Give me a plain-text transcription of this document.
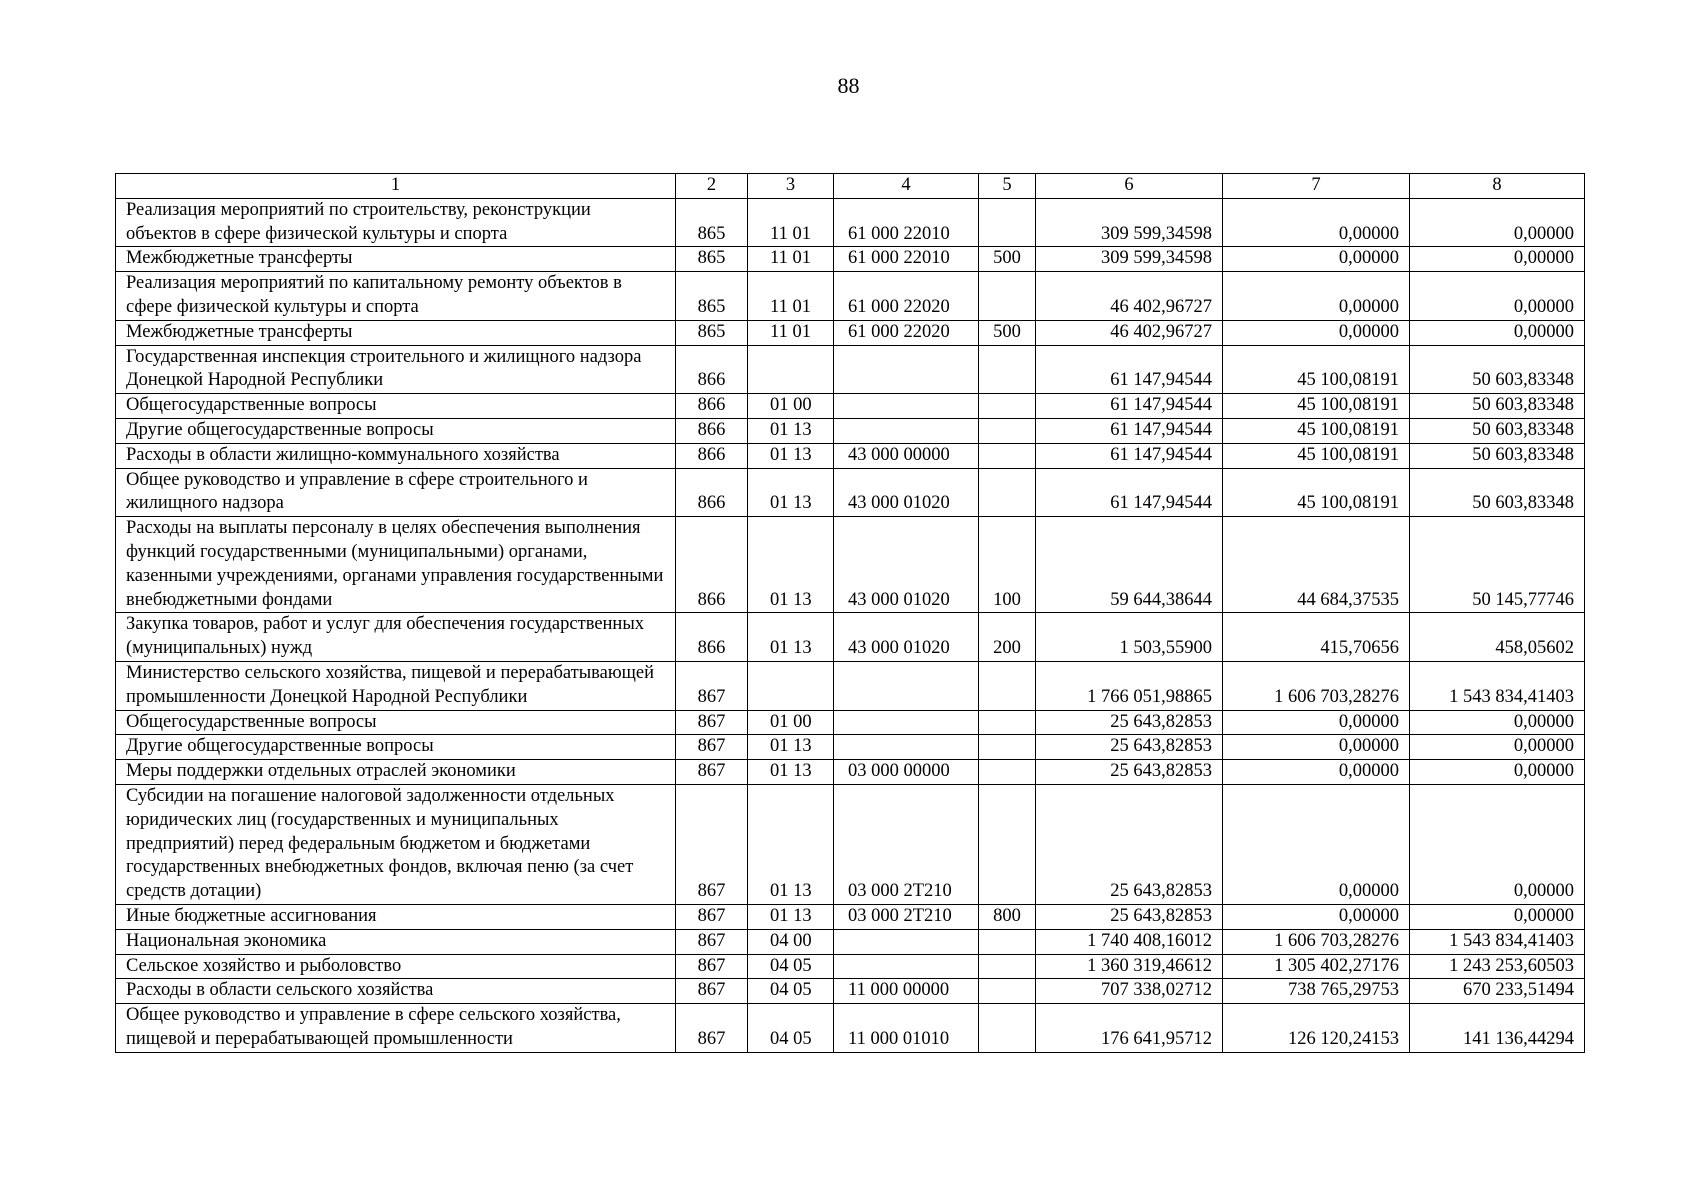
88
1	2	3	4	5	6	7	8
Реализация мероприятий по строительству, реконструкции объектов в сфере физической культуры и спорта	865	11 01	61 000 22010		309 599,34598	0,00000	0,00000
Межбюджетные трансферты	865	11 01	61 000 22010	500	309 599,34598	0,00000	0,00000
Реализация мероприятий по капитальному ремонту объектов в сфере физической культуры и спорта	865	11 01	61 000 22020		46 402,96727	0,00000	0,00000
Межбюджетные трансферты	865	11 01	61 000 22020	500	46 402,96727	0,00000	0,00000
Государственная инспекция строительного и жилищного надзора Донецкой Народной Республики	866				61 147,94544	45 100,08191	50 603,83348
Общегосударственные вопросы	866	01 00			61 147,94544	45 100,08191	50 603,83348
Другие общегосударственные вопросы	866	01 13			61 147,94544	45 100,08191	50 603,83348
Расходы в области жилищно-коммунального хозяйства	866	01 13	43 000 00000		61 147,94544	45 100,08191	50 603,83348
Общее руководство и управление в сфере строительного и жилищного надзора	866	01 13	43 000 01020		61 147,94544	45 100,08191	50 603,83348
Расходы на выплаты персоналу в целях обеспечения выполнения функций государственными (муниципальными) органами, казенными учреждениями, органами управления государственными внебюджетными фондами	866	01 13	43 000 01020	100	59 644,38644	44 684,37535	50 145,77746
Закупка товаров, работ и услуг для обеспечения государственных (муниципальных) нужд	866	01 13	43 000 01020	200	1 503,55900	415,70656	458,05602
Министерство сельского хозяйства, пищевой и перерабатывающей промышленности Донецкой Народной Республики	867				1 766 051,98865	1 606 703,28276	1 543 834,41403
Общегосударственные вопросы	867	01 00			25 643,82853	0,00000	0,00000
Другие общегосударственные вопросы	867	01 13			25 643,82853	0,00000	0,00000
Меры поддержки отдельных отраслей экономики	867	01 13	03 000 00000		25 643,82853	0,00000	0,00000
Субсидии на погашение налоговой задолженности отдельных юридических лиц (государственных и муниципальных предприятий) перед федеральным бюджетом и бюджетами государственных внебюджетных фондов, включая пеню (за счет средств дотации)	867	01 13	03 000 2Т210		25 643,82853	0,00000	0,00000
Иные бюджетные ассигнования	867	01 13	03 000 2Т210	800	25 643,82853	0,00000	0,00000
Национальная экономика	867	04 00			1 740 408,16012	1 606 703,28276	1 543 834,41403
Сельское хозяйство и рыболовство	867	04 05			1 360 319,46612	1 305 402,27176	1 243 253,60503
Расходы в области сельского хозяйства	867	04 05	11 000 00000		707 338,02712	738 765,29753	670 233,51494
Общее руководство и управление в сфере сельского хозяйства, пищевой и перерабатывающей промышленности	867	04 05	11 000 01010		176 641,95712	126 120,24153	141 136,44294
